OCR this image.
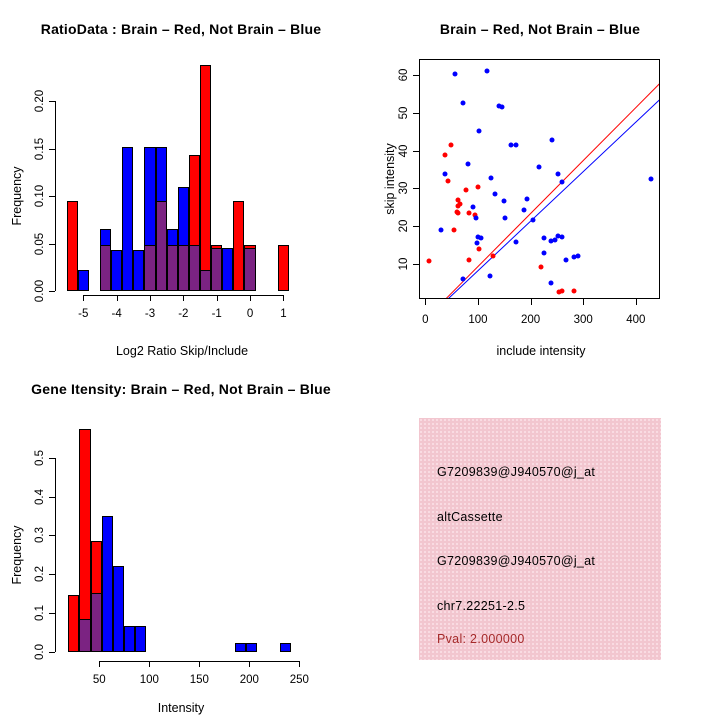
RatioData : Brain – Red, Not Brain – Blue
Log2 Ratio Skip/Include
Frequency
0.00
0.05
0.10
0.15
0.20
-5 -4 -3 -2 -1 0 1
Brain – Red, Not Brain – Blue
include intensity
skip intensity
0	100	200	300	400
10
20
30
40
50
60
Gene Itensity: Brain – Red, Not Brain – Blue
Intensity
Frequency
0.0
0.1
0.2
0.3
0.4
0.5
50	100	150	200	250
G7209839@J940570@j_at
altCassette
G7209839@J940570@j_at
chr7.22251-2.5
Pval: 2.000000
